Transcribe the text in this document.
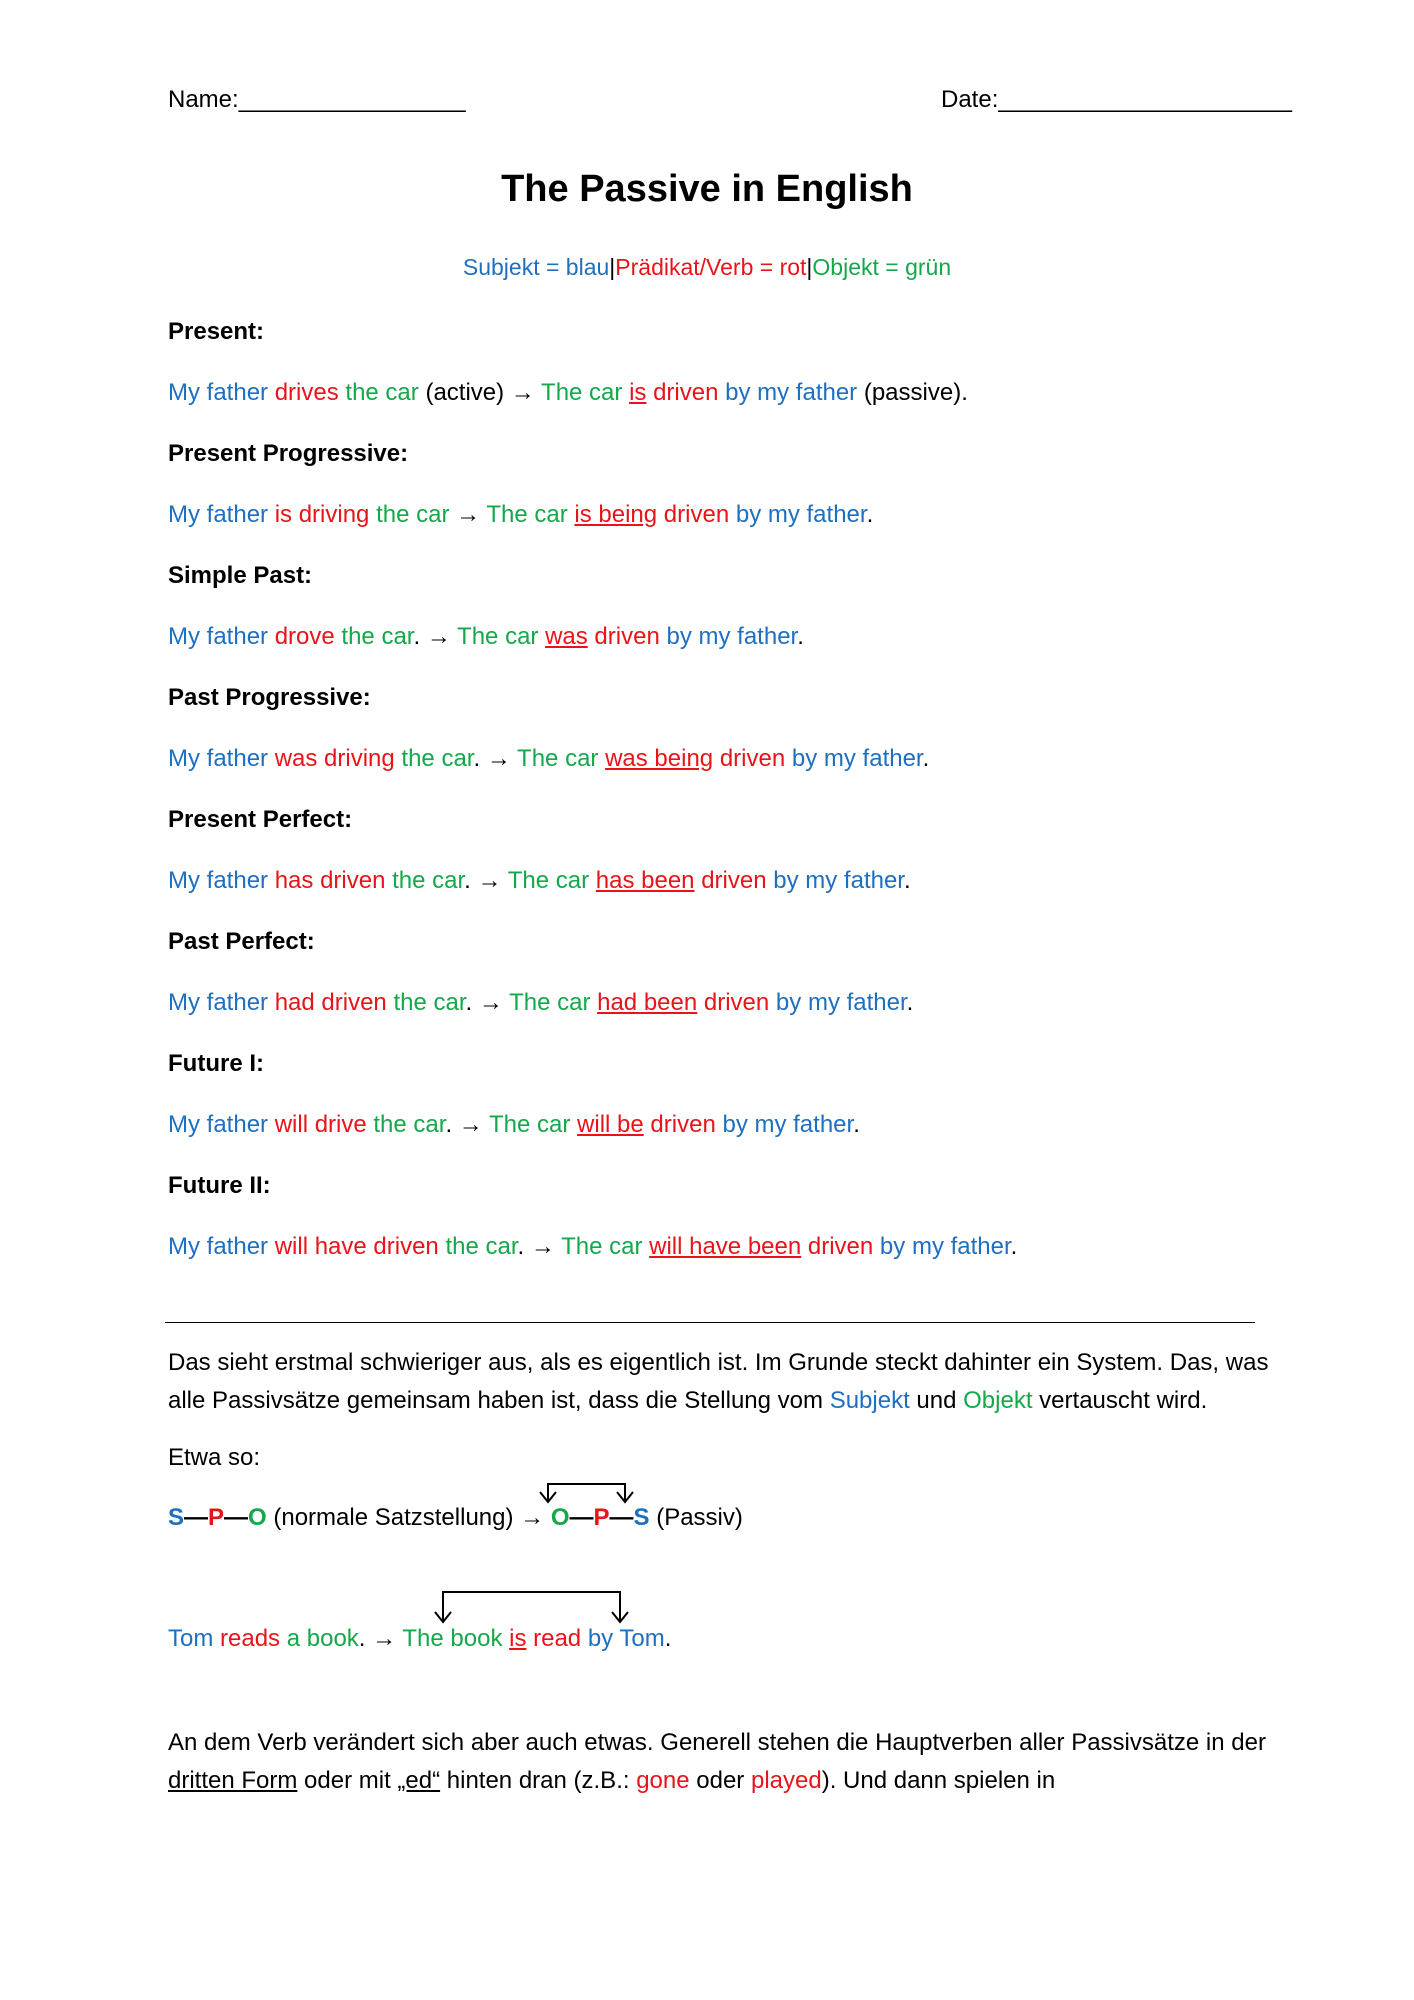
Name:_________________	Date:______________________
The Passive in English
Subjekt = blau|Prädikat/Verb = rot|Objekt = grün
Present:
My father drives the car (active) → The car is driven by my father (passive).
Present Progressive:
My father is driving the car → The car is being driven by my father.
Simple Past:
My father drove the car. → The car was driven by my father.
Past Progressive:
My father was driving the car. → The car was being driven by my father.
Present Perfect:
My father has driven the car. → The car has been driven by my father.
Past Perfect:
My father had driven the car. → The car had been driven by my father.
Future I:
My father will drive the car. → The car will be driven by my father.
Future II:
My father will have driven the car. → The car will have been driven by my father.
Das sieht erstmal schwieriger aus, als es eigentlich ist. Im Grunde steckt dahinter ein System. Das, was alle Passivsätze gemeinsam haben ist, dass die Stellung vom Subjekt und Objekt vertauscht wird.
Etwa so:
S—P—O (normale Satzstellung) → O—P—S (Passiv)
Tom reads a book. → The book is read by Tom.
An dem Verb verändert sich aber auch etwas. Generell stehen die Hauptverben aller Passivsätze in der dritten Form oder mit „ed“ hinten dran (z.B.: gone oder played). Und dann spielen in
